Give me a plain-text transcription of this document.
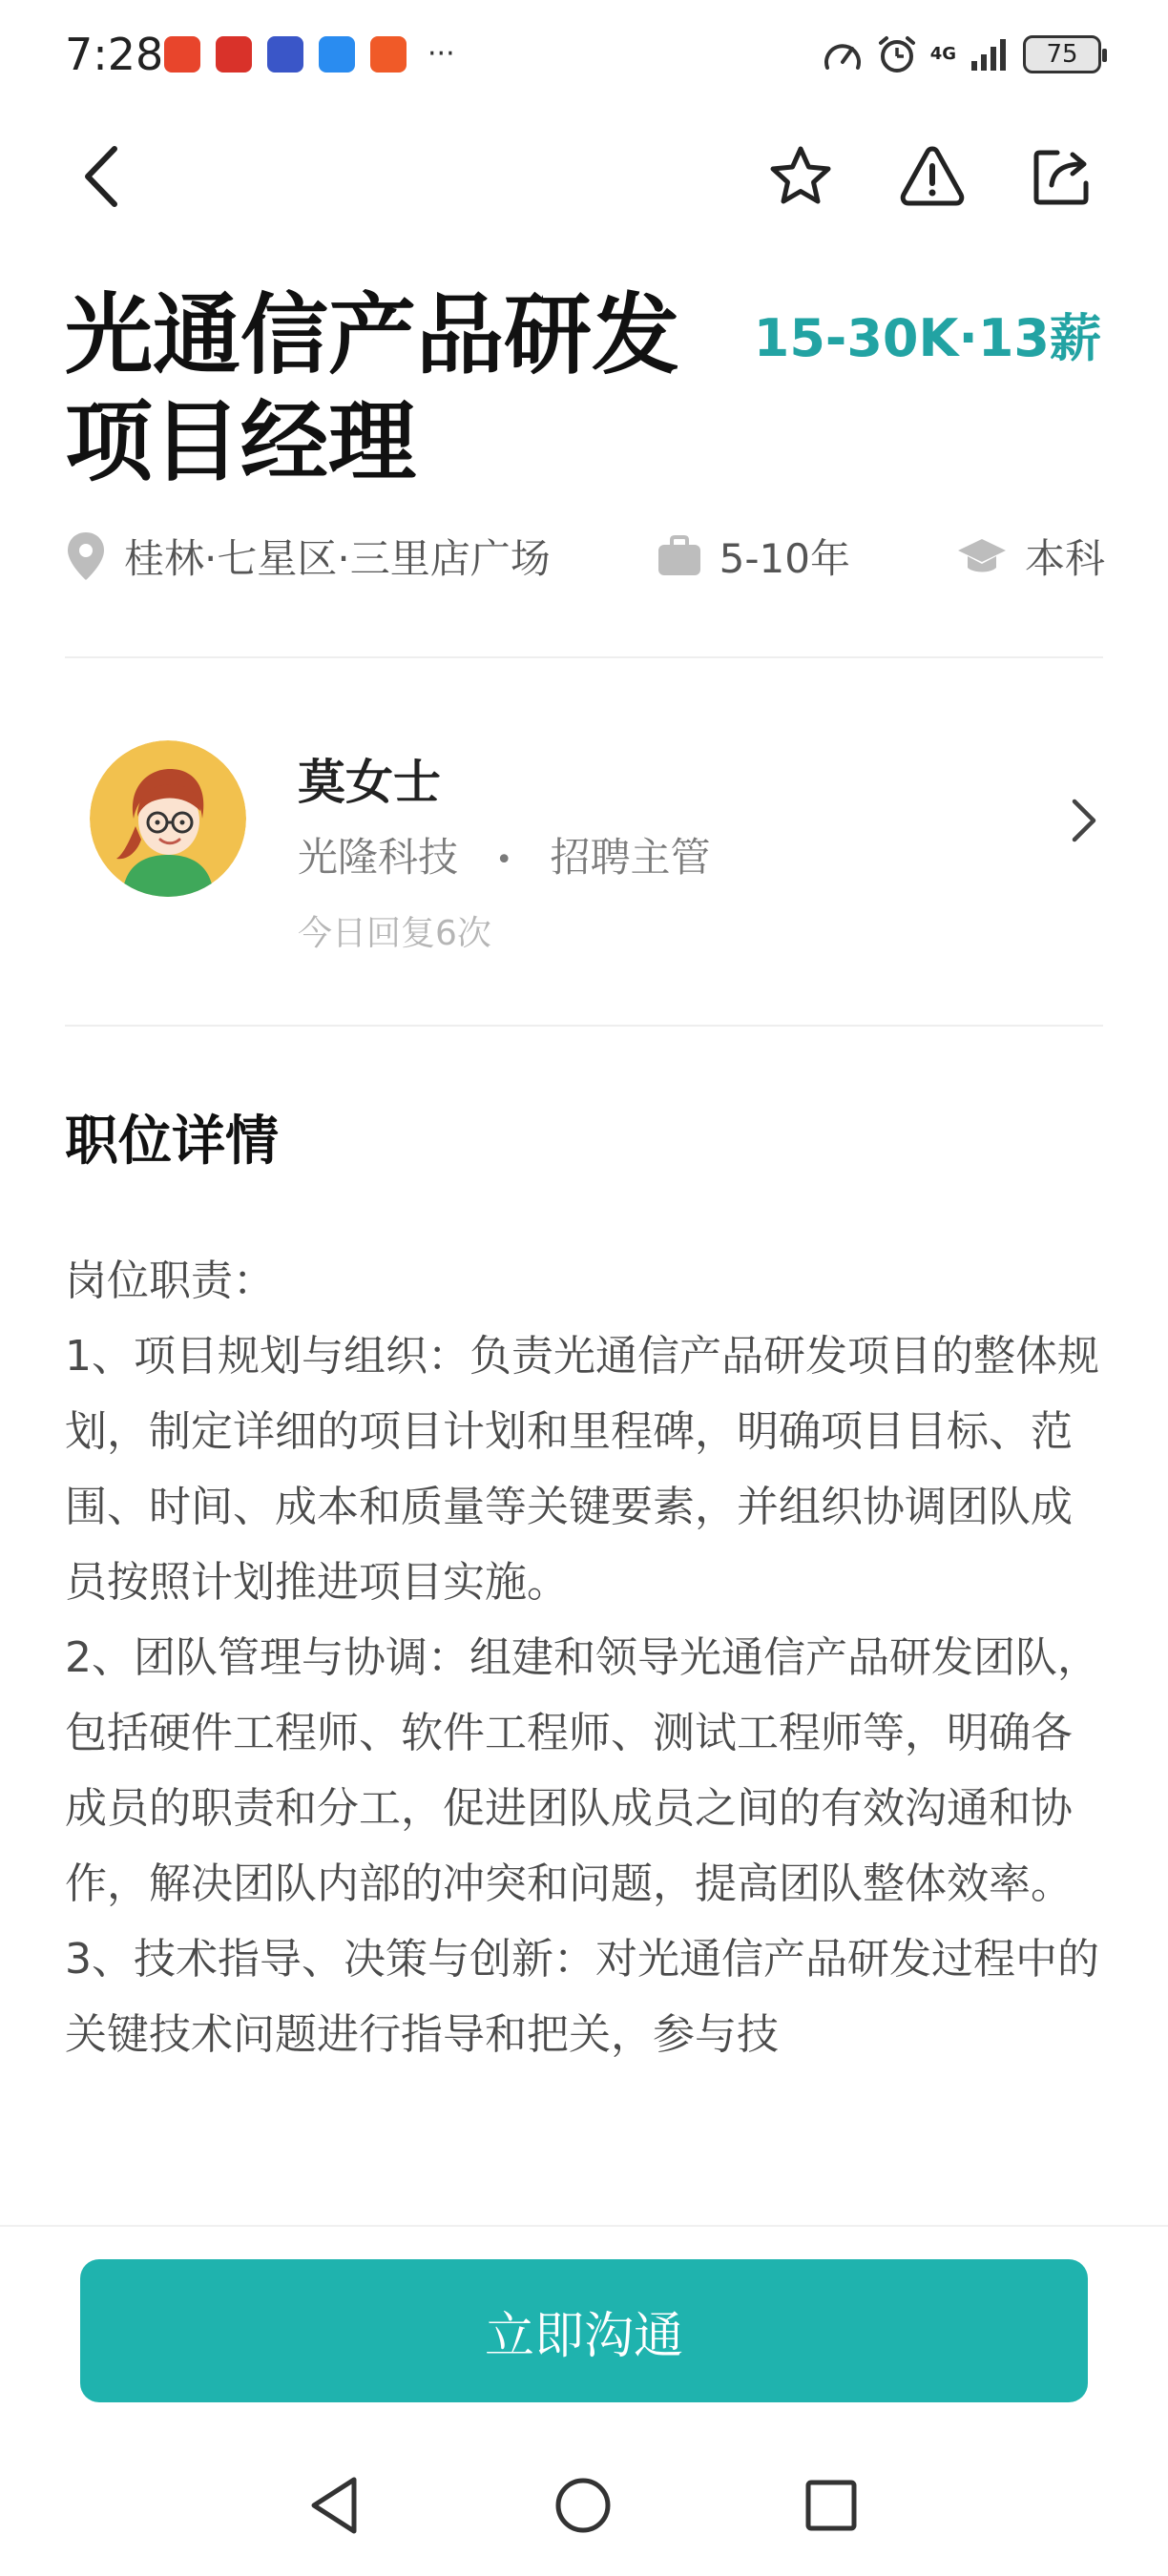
7:28	···	4G	75
光通信产品研发项目经理
15-30K·13薪
桂林·七星区·三里店广场	5-10年	本科
莫女士
光隆科技 • 招聘主管
今日回复6次
职位详情
岗位职责：
1、项目规划与组织：负责光通信产品研发项目的整体规划，制定详细的项目计划和里程碑，明确项目目标、范围、时间、成本和质量等关键要素，并组织协调团队成员按照计划推进项目实施。
2、团队管理与协调：组建和领导光通信产品研发团队，包括硬件工程师、软件工程师、测试工程师等，明确各成员的职责和分工，促进团队成员之间的有效沟通和协作，解决团队内部的冲突和问题，提高团队整体效率。
3、技术指导、决策与创新：对光通信产品研发过程中的关键技术问题进行指导和把关，参与技
立即沟通
